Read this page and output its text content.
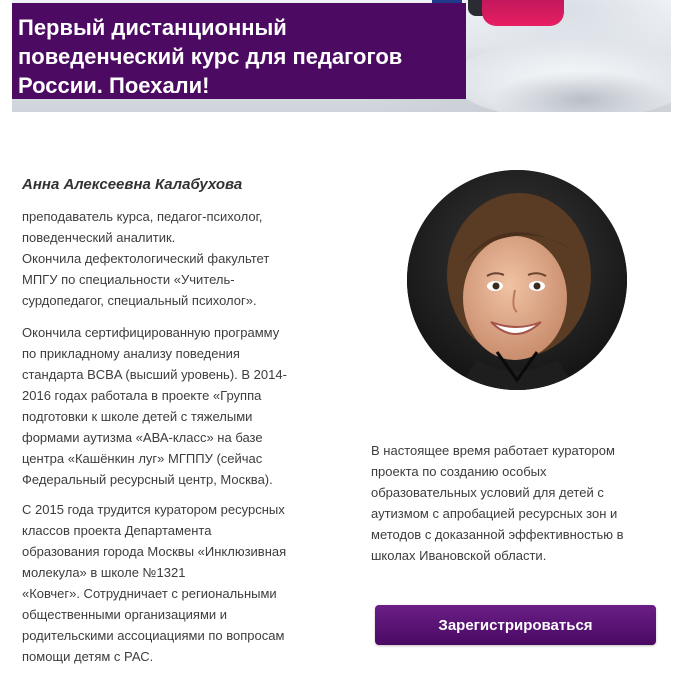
Первый дистанционный
поведенческий курс для педагогов
России. Поехали!
Анна Алексеевна Калабухова

преподаватель курса, педагог-психолог,
поведенческий аналитик.
Окончила дефектологический факультет
МПГУ по специальности «Учитель-
сурдопедагог, специальный психолог».

Окончила сертифицированную программу
по прикладному анализу поведения
стандарта BCBA (высший уровень). В 2014-
2016 годах работала в проекте «Группа
подготовки к школе детей с тяжелыми
формами аутизма «АВА-класс» на базе
центра «Кашёнкин луг» МГППУ (сейчас
Федеральный ресурсный центр, Москва).

С 2015 года трудится куратором ресурсных
классов проекта Департамента
образования города Москвы «Инклюзивная
молекула» в школе №1321
«Ковчег». Сотрудничает с региональными
общественными организациями и
родительскими ассоциациями по вопросам
помощи детям с РАС.

В настоящее время работает куратором
проекта по созданию особых
образовательных условий для детей с
аутизмом с апробацией ресурсных зон и
методов с доказанной эффективностью в
школах Ивановской области.

Зарегистрироваться
